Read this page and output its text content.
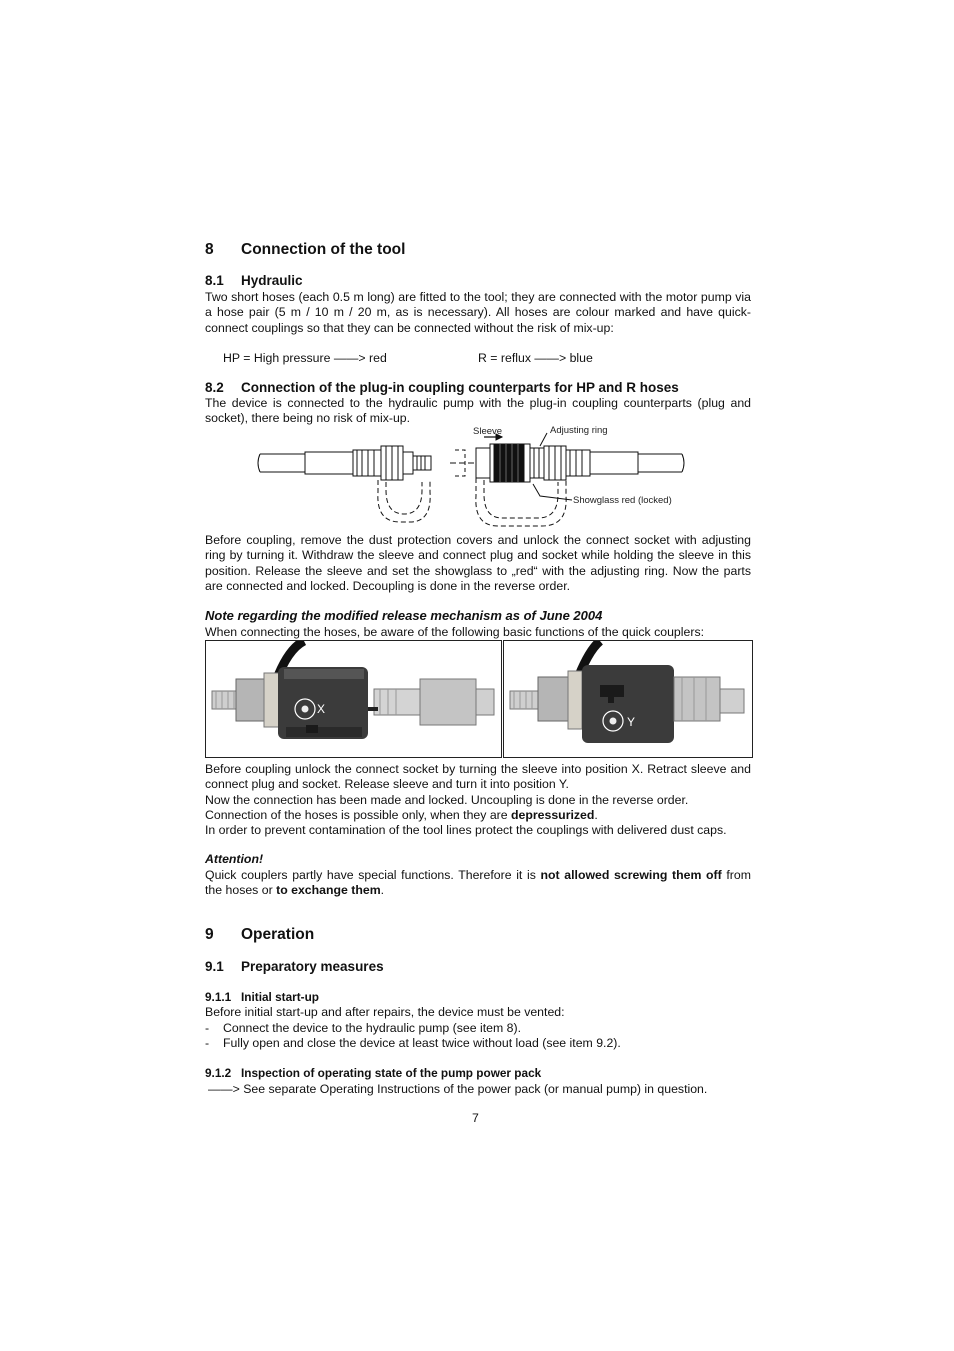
8 Connection of the tool
8.1 Hydraulic
Two short hoses (each 0.5 m long) are fitted to the tool; they are connected with the motor pump via a hose pair (5 m / 10 m / 20 m, as is necessary). All hoses are colour marked and have quick-connect couplings so that they can be connected without the risk of mix-up:
HP = High pressure ——> red	R = reflux ——> blue
8.2 Connection of the plug-in coupling counterparts for HP and R hoses
The device is connected to the hydraulic pump with the plug-in coupling counterparts (plug and socket), there being no risk of mix-up.
Sleeve	Adjusting ring
Showglass red (locked)
Before coupling, remove the dust protection covers and unlock the connect socket with adjusting ring by turning it. Withdraw the sleeve and connect plug and socket while holding the sleeve in this position. Release the sleeve and set the showglass to „red“ with the adjusting ring. Now the parts are connected and locked. Decoupling is done in the reverse order.
Note regarding the modified release mechanism as of June 2004
When connecting the hoses, be aware of the following basic functions of the quick couplers:
X
Y

Before coupling unlock the connect socket by turning the sleeve into position X. Retract sleeve and connect plug and socket. Release sleeve and turn it into position Y.

Now the connection has been made and locked. Uncoupling is done in the reverse order.

Connection of the hoses is possible only, when they are depressurized.

In order to prevent contamination of the tool lines protect the couplings with delivered dust caps.

Attention!
Quick couplers partly have special functions. Therefore it is not allowed screwing them off from the hoses or to exchange them.
9 Operation
9.1 Preparatory measures
9.1.1 Initial start-up
Before initial start-up and after repairs, the device must be vented:
- Connect the device to the hydraulic pump (see item 8).
- Fully open and close the device at least twice without load (see item 9.2).
9.1.2 Inspection of operating state of the pump power pack
——> See separate Operating Instructions of the power pack (or manual pump) in question.
7
